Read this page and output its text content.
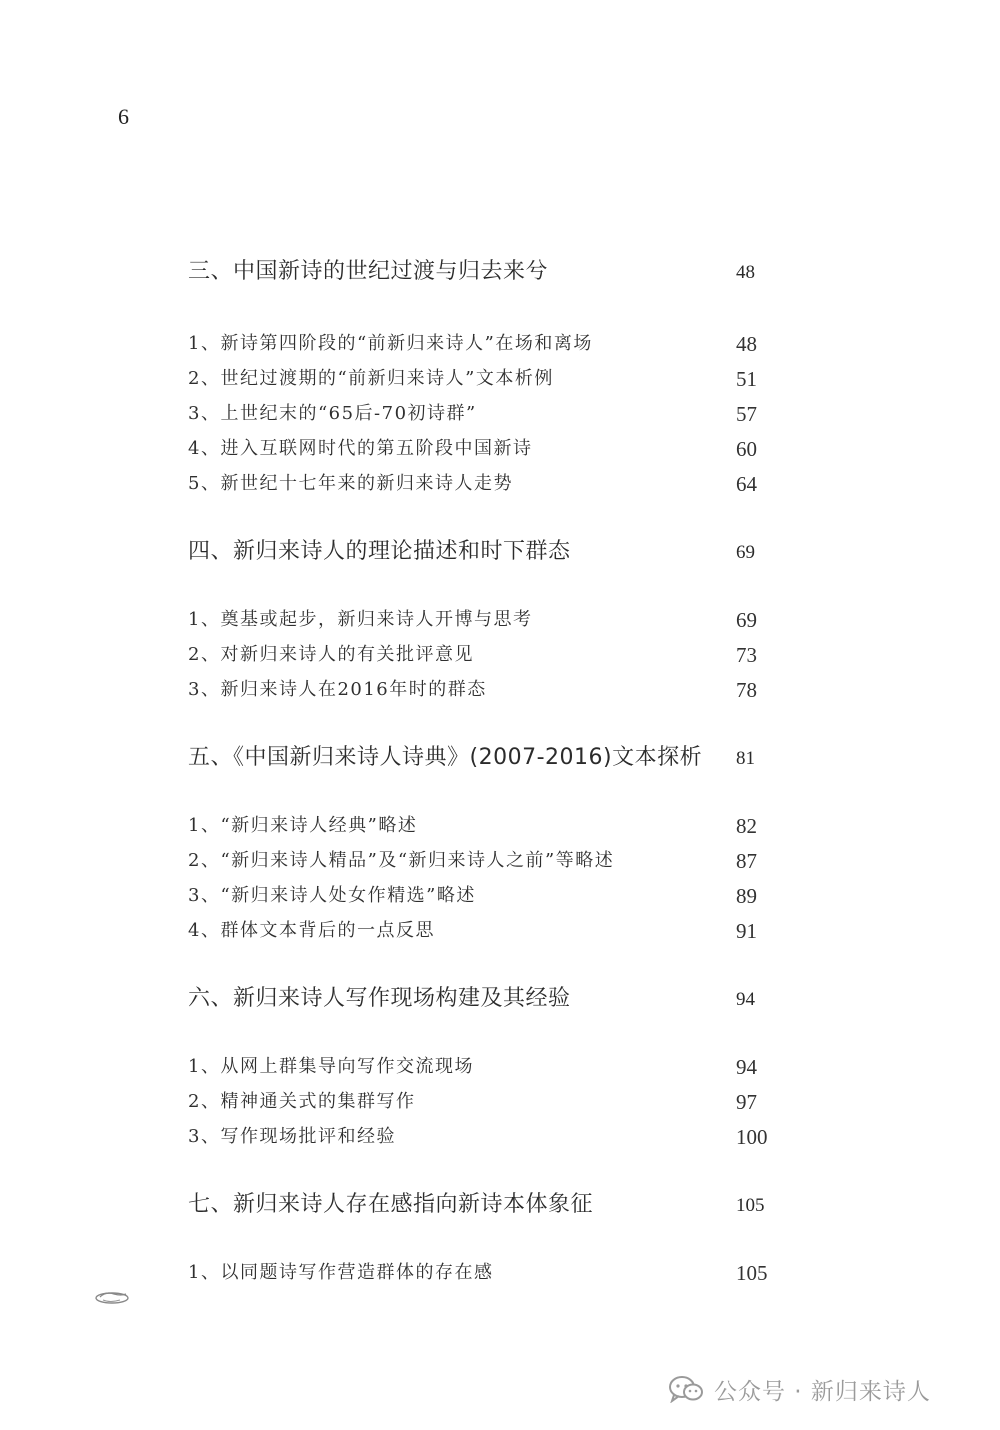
6
三、中国新诗的世纪过渡与归去来兮	48
1、新诗第四阶段的“前新归来诗人”在场和离场	48
2、世纪过渡期的“前新归来诗人”文本析例	51
3、上世纪末的“65后-70初诗群”	57
4、进入互联网时代的第五阶段中国新诗	60
5、新世纪十七年来的新归来诗人走势	64
四、新归来诗人的理论描述和时下群态	69
1、奠基或起步，新归来诗人开博与思考	69
2、对新归来诗人的有关批评意见	73
3、新归来诗人在2016年时的群态	78
五、《中国新归来诗人诗典》(2007-2016)文本探析 81
1、“新归来诗人经典”略述	82
2、“新归来诗人精品”及“新归来诗人之前”等略述	87
3、“新归来诗人处女作精选”略述	89
4、群体文本背后的一点反思	91
六、新归来诗人写作现场构建及其经验	94
1、从网上群集导向写作交流现场	94
2、精神通关式的集群写作	97
3、写作现场批评和经验	100
七、新归来诗人存在感指向新诗本体象征	105
1、以同题诗写作营造群体的存在感	105
公众号 · 新归来诗人
